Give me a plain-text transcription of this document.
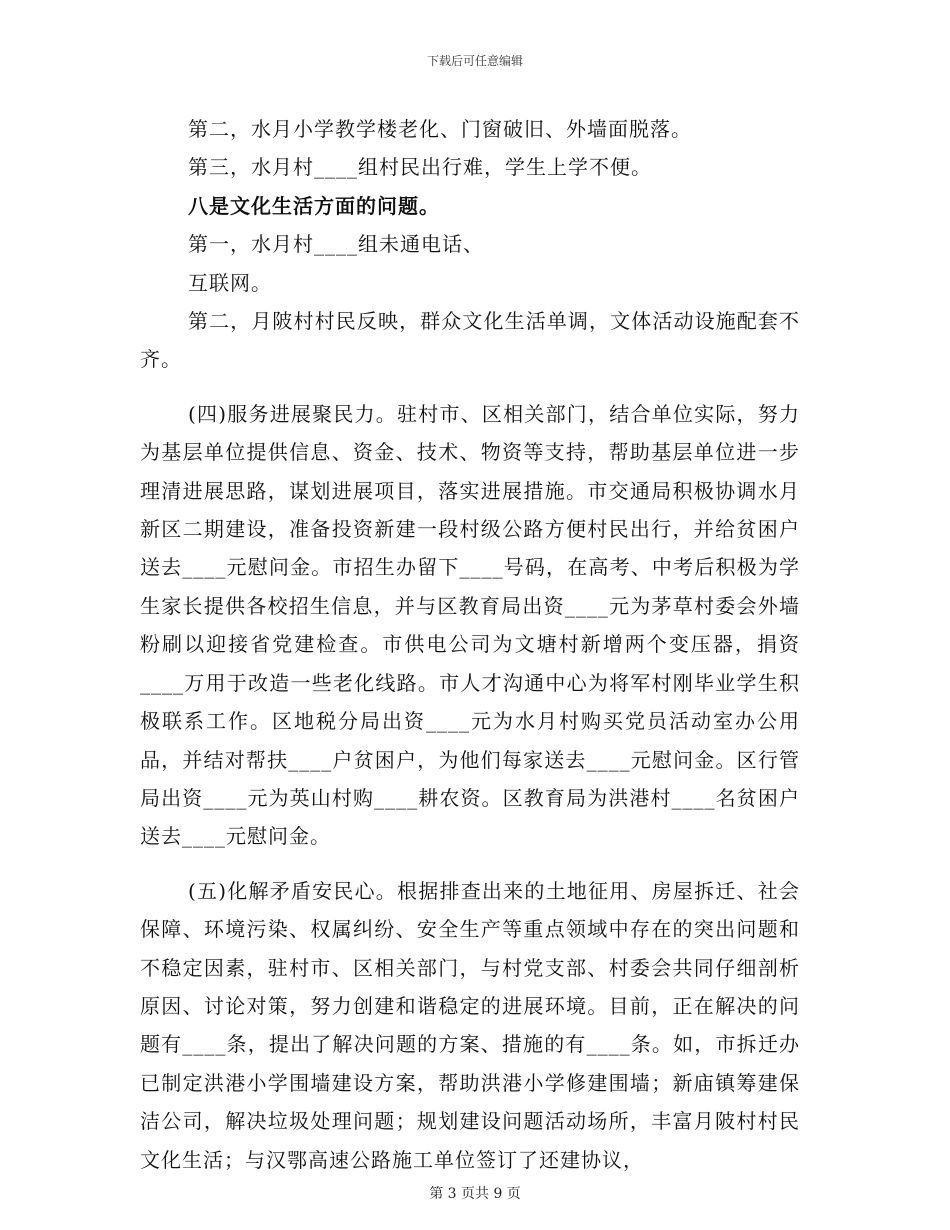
下载后可任意编辑

第二，水月小学教学楼老化、门窗破旧、外墙面脱落。

第三，水月村____组村民出行难，学生上学不便。

八是文化生活方面的问题。

第一，水月村____组未通电话、

互联网。

第二，月陂村村民反映，群众文化生活单调，文体活动设施配套不齐。

(四)服务进展聚民力。驻村市、区相关部门，结合单位实际，努力为基层单位提供信息、资金、技术、物资等支持，帮助基层单位进一步理清进展思路，谋划进展项目，落实进展措施。市交通局积极协调水月新区二期建设，准备投资新建一段村级公路方便村民出行，并给贫困户送去____元慰问金。市招生办留下____号码，在高考、中考后积极为学生家长提供各校招生信息，并与区教育局出资____元为茅草村委会外墙粉刷以迎接省党建检查。市供电公司为文塘村新增两个变压器，捐资____万用于改造一些老化线路。市人才沟通中心为将军村刚毕业学生积极联系工作。区地税分局出资____元为水月村购买党员活动室办公用品，并结对帮扶____户贫困户，为他们每家送去____元慰问金。区行管局出资____元为英山村购____耕农资。区教育局为洪港村____名贫困户送去____元慰问金。

(五)化解矛盾安民心。根据排查出来的土地征用、房屋拆迁、社会保障、环境污染、权属纠纷、安全生产等重点领域中存在的突出问题和不稳定因素，驻村市、区相关部门，与村党支部、村委会共同仔细剖析原因、讨论对策，努力创建和谐稳定的进展环境。目前，正在解决的问题有____条，提出了解决问题的方案、措施的有____条。如，市拆迁办已制定洪港小学围墙建设方案，帮助洪港小学修建围墙；新庙镇筹建保洁公司，解决垃圾处理问题；规划建设问题活动场所，丰富月陂村村民文化生活；与汉鄂高速公路施工单位签订了还建协议，

第 3 页共 9 页
